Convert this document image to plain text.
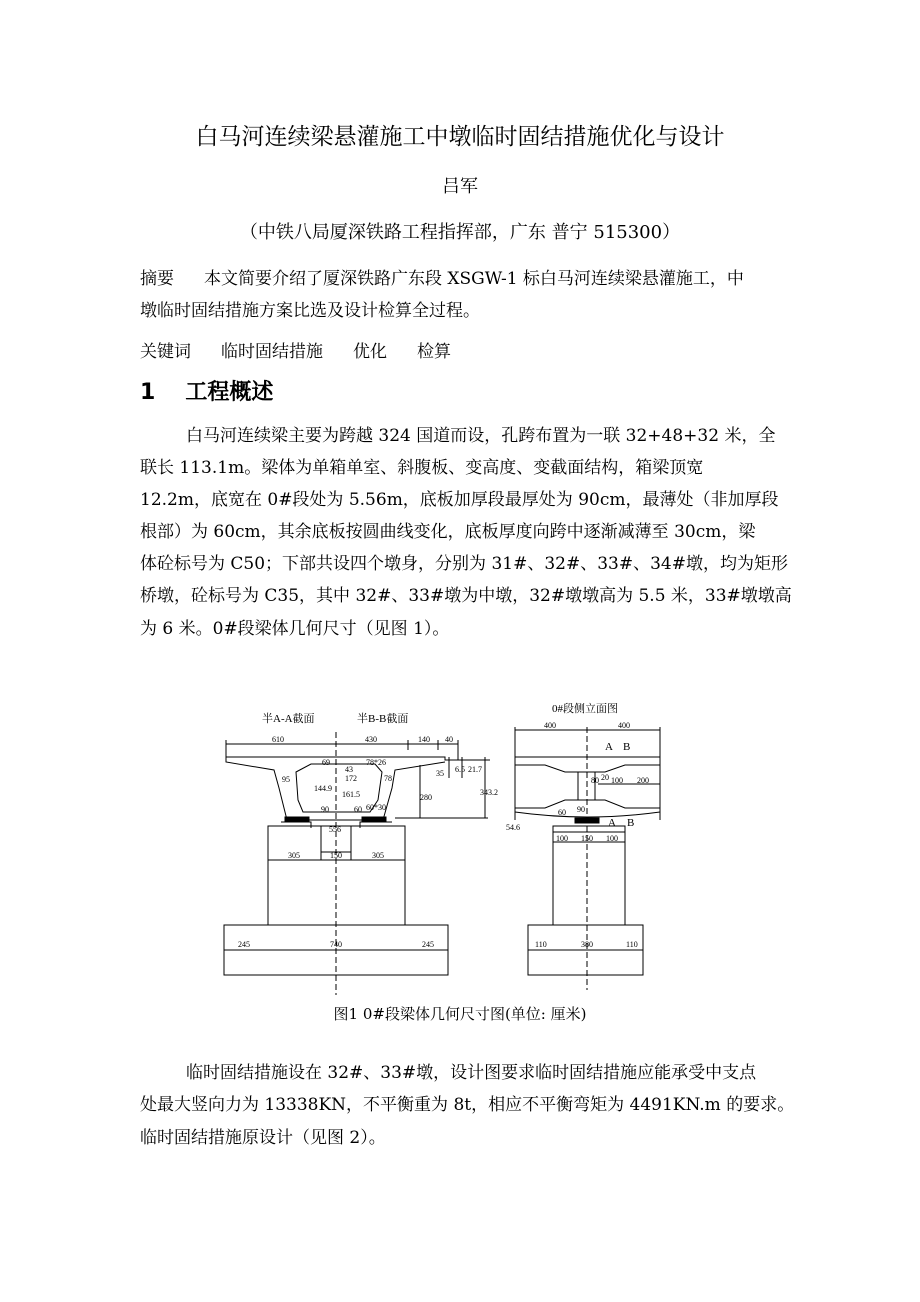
白马河连续梁悬灌施工中墩临时固结措施优化与设计
吕军
（中铁八局厦深铁路工程指挥部，广东 普宁 515300）
摘要 本文简要介绍了厦深铁路广东段 XSGW-1 标白马河连续梁悬灌施工，中
墩临时固结措施方案比选及设计检算全过程。
关键词 临时固结措施 优化 检算
1 工程概述
白马河连续梁主要为跨越 324 国道而设，孔跨布置为一联 32+48+32 米，全
联长 113.1m。梁体为单箱单室、斜腹板、变高度、变截面结构，箱梁顶宽
12.2m，底宽在 0#段处为 5.56m，底板加厚段最厚处为 90cm，最薄处（非加厚段
根部）为 60cm，其余底板按圆曲线变化，底板厚度向跨中逐渐减薄至 30cm，梁
体砼标号为 C50；下部共设四个墩身，分别为 31#、32#、33#、34#墩，均为矩形
桥墩，砼标号为 C35，其中 32#、33#墩为中墩，32#墩墩高为 5.5 米，33#墩墩高
为 6 米。0#段梁体几何尺寸（见图 1）。
半A-A截面	半B-B截面
610	430	140 40
69
43
78*26
35 6.5 21.7
343.2
95	172	78
144.9
161.5	280
90	60 60*30
556
305	150	305
245	740	245
0#段侧立面图
400	400
A B
80 20 100 200
60 90
54.6	A B
100 150 100
110	380	110
图1 0#段梁体几何尺寸图(单位: 厘米)
临时固结措施设在 32#、33#墩，设计图要求临时固结措施应能承受中支点
处最大竖向力为 13338KN，不平衡重为 8t，相应不平衡弯矩为 4491KN.m 的要求。
临时固结措施原设计（见图 2）。
